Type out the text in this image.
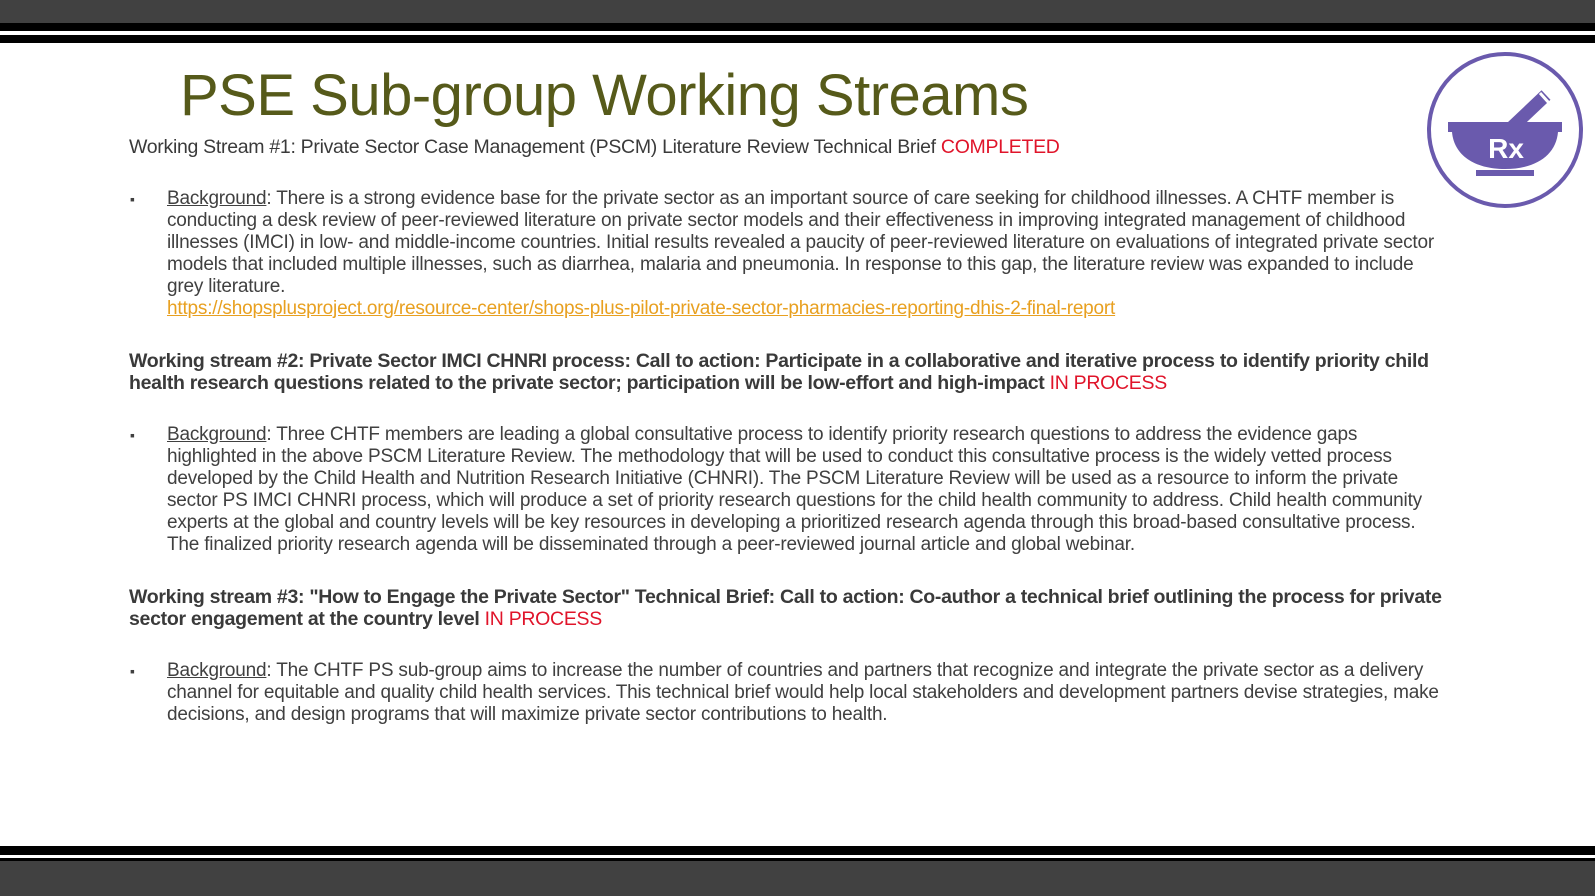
PSE Sub-group Working Streams
Rx
Working Stream #1: Private Sector Case Management (PSCM) Literature Review Technical Brief COMPLETED
▪	Background: There is a strong evidence base for the private sector as an important source of care seeking for childhood illnesses. A CHTF member is conducting a desk review of peer-reviewed literature on private sector models and their effectiveness in improving integrated management of childhood illnesses (IMCI) in low- and middle-income countries. Initial results revealed a paucity of peer-reviewed literature on evaluations of integrated private sector models that included multiple illnesses, such as diarrhea, malaria and pneumonia. In response to this gap, the literature review was expanded to include grey literature.
https://shopsplusproject.org/resource-center/shops-plus-pilot-private-sector-pharmacies-reporting-dhis-2-final-report
Working stream #2: Private Sector IMCI CHNRI process: Call to action: Participate in a collaborative and iterative process to identify priority child health research questions related to the private sector; participation will be low-effort and high-impact IN PROCESS
▪	Background: Three CHTF members are leading a global consultative process to identify priority research questions to address the evidence gaps highlighted in the above PSCM Literature Review. The methodology that will be used to conduct this consultative process is the widely vetted process developed by the Child Health and Nutrition Research Initiative (CHNRI). The PSCM Literature Review will be used as a resource to inform the private sector PS IMCI CHNRI process, which will produce a set of priority research questions for the child health community to address. Child health community experts at the global and country levels will be key resources in developing a prioritized research agenda through this broad-based consultative process. The finalized priority research agenda will be disseminated through a peer-reviewed journal article and global webinar.
Working stream #3: "How to Engage the Private Sector" Technical Brief: Call to action: Co-author a technical brief outlining the process for private sector engagement at the country level IN PROCESS
▪	Background: The CHTF PS sub-group aims to increase the number of countries and partners that recognize and integrate the private sector as a delivery channel for equitable and quality child health services. This technical brief would help local stakeholders and development partners devise strategies, make decisions, and design programs that will maximize private sector contributions to health.
